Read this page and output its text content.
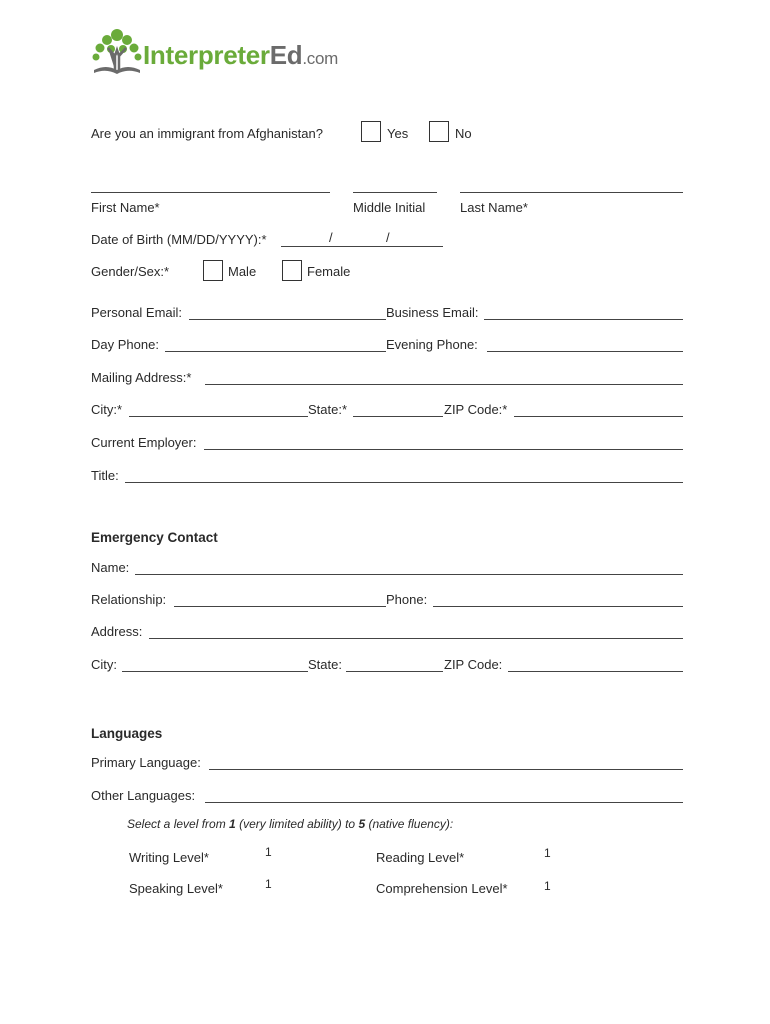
InterpreterEd.com
Are you an immigrant from Afghanistan?	Yes	No
First Name*	Middle Initial	Last Name*
Date of Birth (MM/DD/YYYY):*	/	/
Gender/Sex:*	Male	Female
Personal Email:	Business Email:
Day Phone:	Evening Phone:
Mailing Address:*
City:*	State:*	ZIP Code:*
Current Employer:
Title:
Emergency Contact
Name:
Relationship:	Phone:
Address:
City:	State:	ZIP Code:
Languages
Primary Language:
Other Languages:
Select a level from 1 (very limited ability) to 5 (native fluency):
Writing Level*	1	Reading Level*	1
Speaking Level*	1	Comprehension Level*	1
